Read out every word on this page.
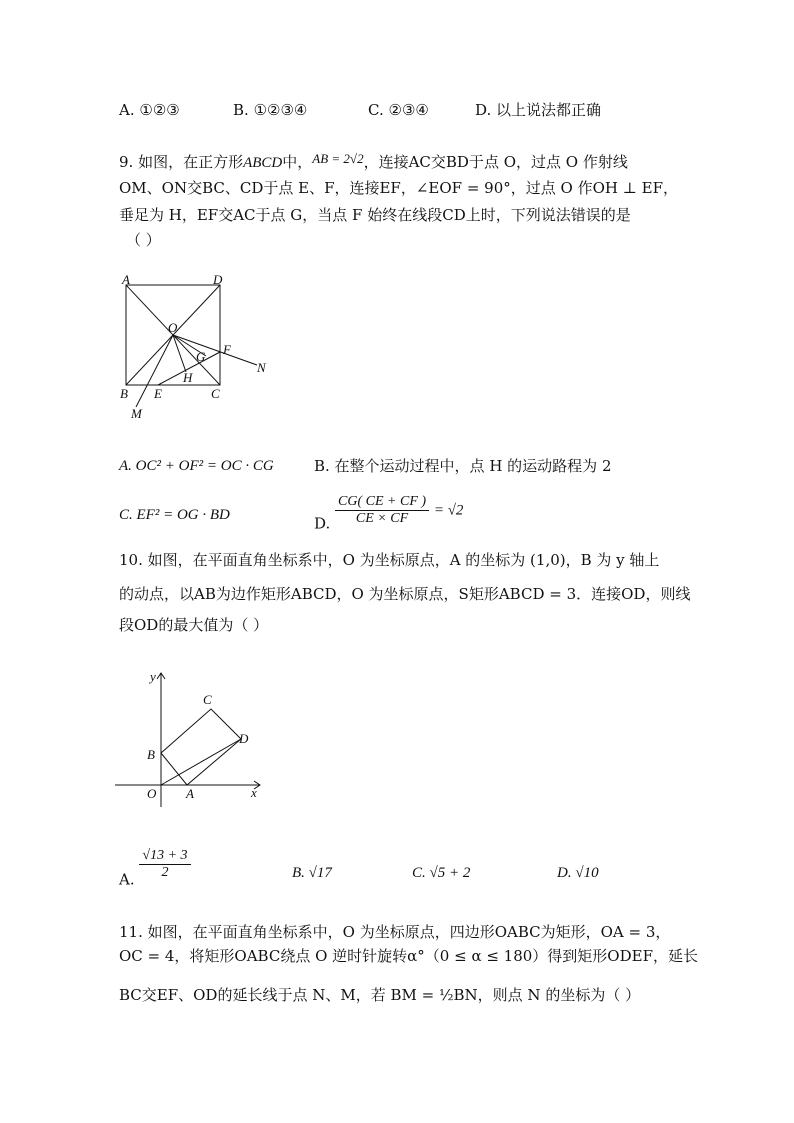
A. ①②③	B. ①②③④	C. ②③④	D. 以上说法都正确
9. 如图，在正方形ABCD中，AB = 2√2，连接AC交BD于点 O，过点 O 作射线
OM、ON交BC、CD于点 E、F，连接EF，∠EOF = 90°，过点 O 作OH ⊥ EF，
垂足为 H，EF交AC于点 G，当点 F 始终在线段CD上时，下列说法错误的是
（ ）
A	D
O
F
G
N
H
B E	C
M
A. OC² + OF² = OC · CG	B. 在整个运动过程中，点 H 的运动路程为 2
C. EF² = OG · BD	D. $\frac{CG( CE + CF )}{CE \times CF} = √2$
10. 如图，在平面直角坐标系中，O 为坐标原点，A 的坐标为 (1,0)，B 为 y 轴上
的动点，以AB为边作矩形ABCD，O 为坐标原点，S矩形ABCD = 3．连接OD，则线
段OD的最大值为（ ）
y
C
D
B
O A	x
A. $\frac{√13 + 3}{2}$	B. √17	C. √5 + 2	D. √10
11. 如图，在平面直角坐标系中，O 为坐标原点，四边形OABC为矩形，OA = 3，
OC = 4，将矩形OABC绕点 O 逆时针旋转α°（0 ≤ α ≤ 180）得到矩形ODEF，延长
BC交EF、OD的延长线于点 N、M，若 BM = ½BN，则点 N 的坐标为（ ）
